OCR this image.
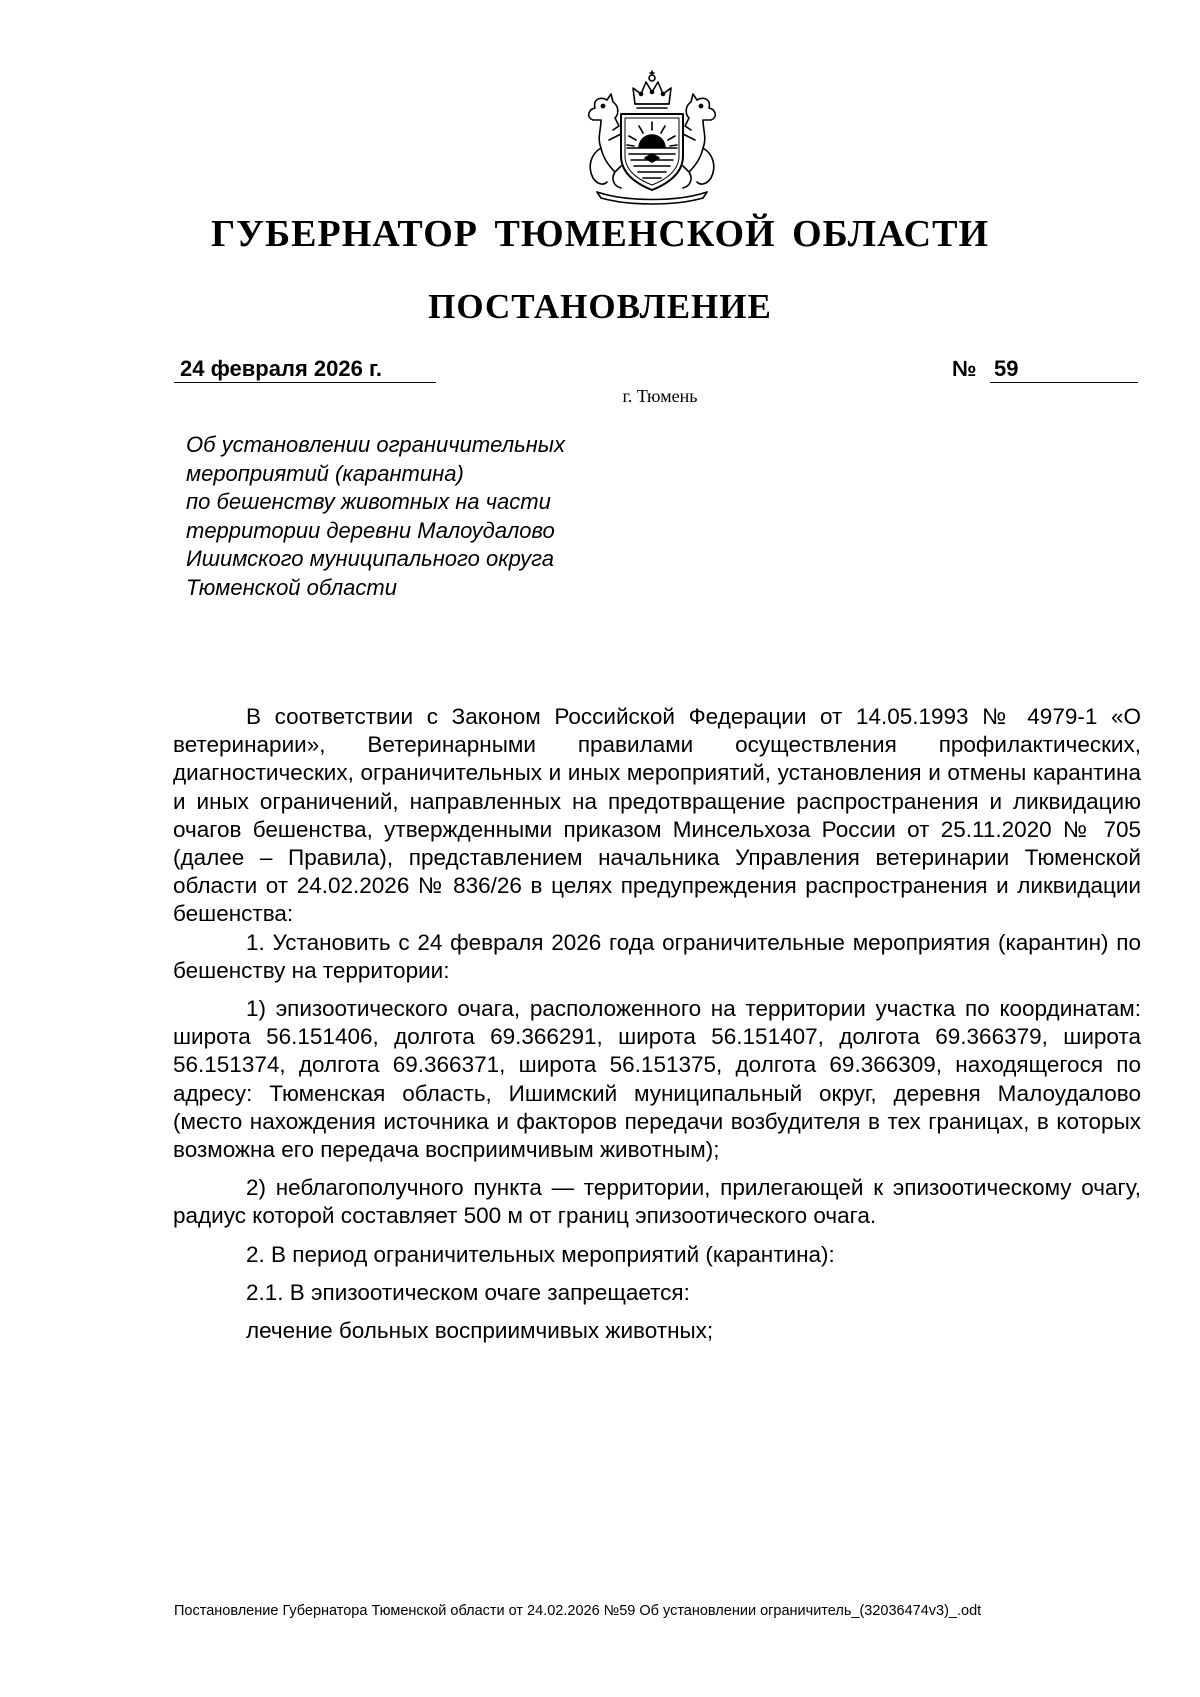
ГУБЕРНАТОР ТЮМЕНСКОЙ ОБЛАСТИ
ПОСТАНОВЛЕНИЕ
24 февраля 2026 г.	№ 59
г. Тюмень
Об установлении ограничительных
мероприятий (карантина)
по бешенству животных на части
территории деревни Малоудалово
Ишимского муниципального округа
Тюменской области

В соответствии с Законом Российской Федерации от 14.05.1993 № 4979-1 «О ветеринарии», Ветеринарными правилами осуществления профилактических, диагностических, ограничительных и иных мероприятий, установления и отмены карантина и иных ограничений, направленных на предотвращение распространения и ликвидацию очагов бешенства, утвержденными приказом Минсельхоза России от 25.11.2020 № 705 (далее – Правила), представлением начальника Управления ветеринарии Тюменской области от 24.02.2026 № 836/26 в целях предупреждения распространения и ликвидации бешенства:

1. Установить с 24 февраля 2026 года ограничительные мероприятия (карантин) по бешенству на территории:

1) эпизоотического очага, расположенного на территории участка по координатам: широта 56.151406, долгота 69.366291, широта 56.151407, долгота 69.366379, широта 56.151374, долгота 69.366371, широта 56.151375, долгота 69.366309, находящегося по адресу: Тюменская область, Ишимский муниципальный округ, деревня Малоудалово (место нахождения источника и факторов передачи возбудителя в тех границах, в которых возможна его передача восприимчивым животным);

2) неблагополучного пункта — территории, прилегающей к эпизоотическому очагу, радиус которой составляет 500 м от границ эпизоотического очага.

2. В период ограничительных мероприятий (карантина):

2.1. В эпизоотическом очаге запрещается:

лечение больных восприимчивых животных;

Постановление Губернатора Тюменской области от 24.02.2026 №59 Об установлении ограничитель_(32036474v3)_.odt
